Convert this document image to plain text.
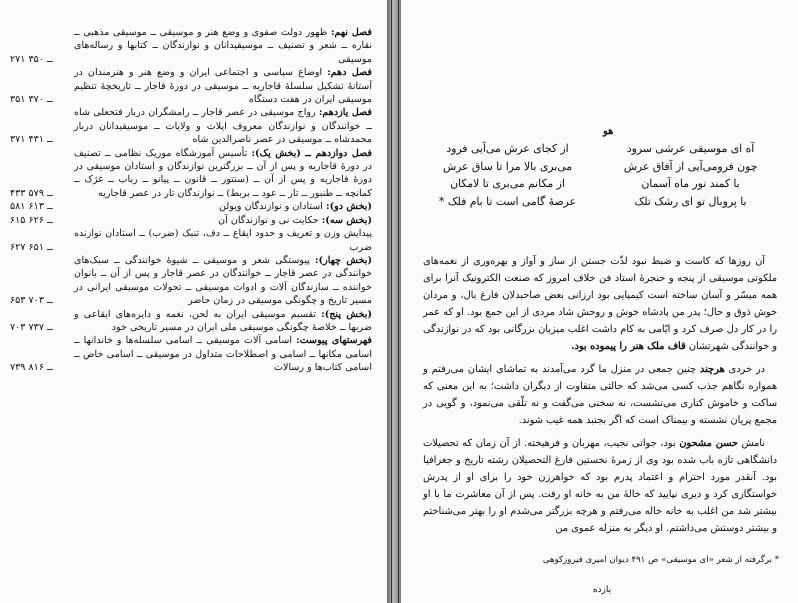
فصل نهم: ظهور دولت صفوی و وضع هنر و موسیقی ــ موسیقی مذهبی ــ نقاره ــ شعر و تصنیف ــ موسیقیدانان و نوازندگان ــ کتابها و رساله‌های موسیقی
۲۷۱ ــ ۳۵۰
فصل دهم: اوضاع سیاسی و اجتماعی ایران و وضع هنر و هنرمندان در آستانهٔ تشکیل سلسلهٔ قاجاریه ــ موسیقی در دورهٔ قاجار ــ تاریخچهٔ تنظیم موسیقی ایران در هفت دستگاه
۳۵۱ ــ ۳۷۰
فصل یازدهم: رواج موسیقی در عصر قاجار ــ رامشگران دربار فتحعلی شاه ــ خوانندگان و نوازندگان معروف ایلات و ولایات ــ موسیقیدانان دربار محمدشاه ــ موسیقی در عصر ناصرالدین شاه
۳۷۱ ــ ۴۳۱
فصل دوازدهم ــ (بخش یک): تأسیس آموزشگاه موزیک نظامی ــ تصنیف در دورهٔ قاجاریه و پس از آن ــ بزرگترین نوازندگان و استادان موسیقی در دورهٔ قاجاریه و پس از آن ــ (سنتور ــ قانون ــ پیانو ــ رباب ــ غژک ــ کمانچه ــ طنبور ــ تار ــ عود ــ بربط) ــ نوازندگان تار در عصر قاجاریه
۴۳۳ ــ ۵۷۹
(بخش دو): استادان و نوازندگان ویولن
۵۸۱ ــ ۶۱۳
(بخش سه): حکایت نی و نوازندگان آن
۶۱۵ ــ ۶۲۶
پیدایش وزن و تعریف و حدود ایقاع ــ دف، تنبک (ضرب) ــ استادان نوازنده ضرب
۶۲۷ ــ ۶۵۱
(بخش چهار): پیوستگی شعر و موسیقی ــ شیوهٔ خوانندگی ــ سبک‌های خوانندگی در عصر قاجار ــ خوانندگان در عصر قاجار و پس از آن ــ بانوان خواننده ــ سازندگان آلات و ادوات موسیقی ــ تحولات موسیقی ایرانی در مسیر تاریخ و چگونگی موسیقی در زمان حاضر
۶۵۳ ــ ۷۰۳
(بخش پنج): تقسیم موسیقی ایران به لحن، نغمه و دایره‌های ایقاعی و ضربها ــ خلاصهٔ چگونگی موسیقی ملی ایران در مسیر تاریخی خود
۷۰۳ ــ ۷۳۷
فهرستهای پیوست: اسامی آلات موسیقی ــ اسامی سلسله‌ها و خاندانها ــ اسامی مکانها ــ اسامی و اصطلاحات متداول در موسیقی ــ اسامی خاص ــ اسامی کتاب‌ها و رسالات
۷۳۹ ــ ۸۱۶
هو
آه ای موسیقی عرشی سرود
از کجای عرش می‌آیی فرود
چون فرومی‌آیی از آفاق عرش
می‌بری بالا مرا تا ساق عرش
با کمند نور ماه آسمان
از مکانم می‌بری تا لامکان
با پروبال تو ای رشک تلک
عرصهٔ گامی است تا بام فلک *

آن روزها که کاست و ضبط نبود لذّت جستن از ساز و آواز و بهره‌وری از نغمه‌های ملکوتی موسیقی از پنجه و حنجرهٔ استاد فن خلاف امروز که صنعت الکترونیک آنرا برای همه میسّر و آسان ساخته است کیمیایی بود ارزانی بعض صاحبدلان فارغ بال، و مردان خوش ذوق و حال؛ پدر من پادشاه خوش و روحش شاد مردی از این جمع بود. او که عمر را در کار دل صرف کرد و ایّامی به کام داشت اغلب میزبان بزرگانی بود که در نوازندگی و خوانندگی شهرتشان قاف ملک هنر را پیموده بود.

در خردی هرچند چنین جمعی در منزل ما گرد می‌آمدند به تماشای ایشان می‌رفتم و همواره نگاهم جذب کسی می‌شد که حالتی متفاوت از دیگران داشت؛ به این معنی که ساکت و خاموش کناری می‌نشست، نه سخنی می‌گفت و نه تلّقی می‌نمود، و گویی در مجمع پریان نشسته و بیمناک است که اگر بجنبد همه غیب شوند.

نامش حسن مشحون بود، جوانی نجیب، مهربان و فرهیخته. از آن زمان که تحصیلات دانشگاهی تازه باب شده بود وی از زمرهٔ نخستین فارغ التحصیلان رشته تاریخ و جغرافیا بود. آنقدر مورد احترام و اعتماد پدرم بود که خواهرزن خود را برای او از پدرش خواستگاری کرد و دیری نپایید که خالهٔ من به خانه او رفت. پس از آن معاشرت ما با او بیشتر شد من اغلب به خانه خاله می‌رفتم و هرچه بزرگتر می‌شدم او را بهتر می‌شناختم و بیشتر دوستش می‌داشتم. او دیگر به منزله عموی من

* برگرفته از شعر «ای موسیقی» ص ۴۹۱ دیوان امیری فیروزکوهی
یازده
